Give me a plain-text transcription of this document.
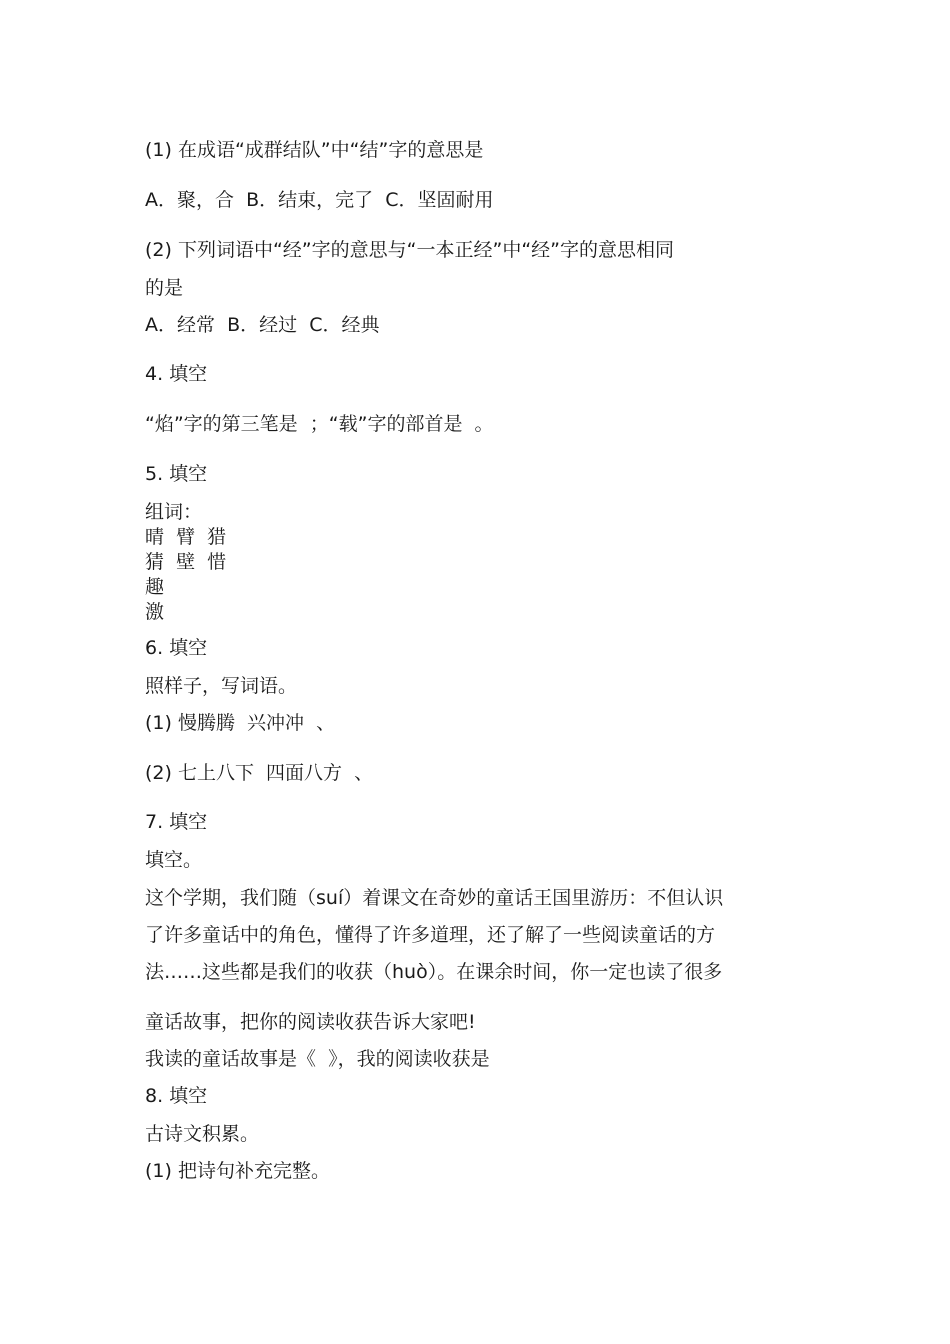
(1) 在成语“成群结队”中“结”字的意思是
A．聚，合  B．结束，完了  C．坚固耐用
(2) 下列词语中“经”字的意思与“一本正经”中“经”字的意思相同
的是
A．经常  B．经过  C．经典
4. 填空
“焰”字的第三笔是  ；“载”字的部首是  。
5. 填空
组词：
晴  臂  猎
猜  壁  惜
趣
激
6. 填空
照样子，写词语。
(1) 慢腾腾  兴冲冲  、
(2) 七上八下  四面八方  、
7. 填空
填空。
这个学期，我们随（suí）着课文在奇妙的童话王国里游历：不但认识
了许多童话中的角色，懂得了许多道理，还了解了一些阅读童话的方
法……这些都是我们的收获（huò）。在课余时间，你一定也读了很多
童话故事，把你的阅读收获告诉大家吧!
我读的童话故事是《  》，我的阅读收获是
8. 填空
古诗文积累。
(1) 把诗句补充完整。
